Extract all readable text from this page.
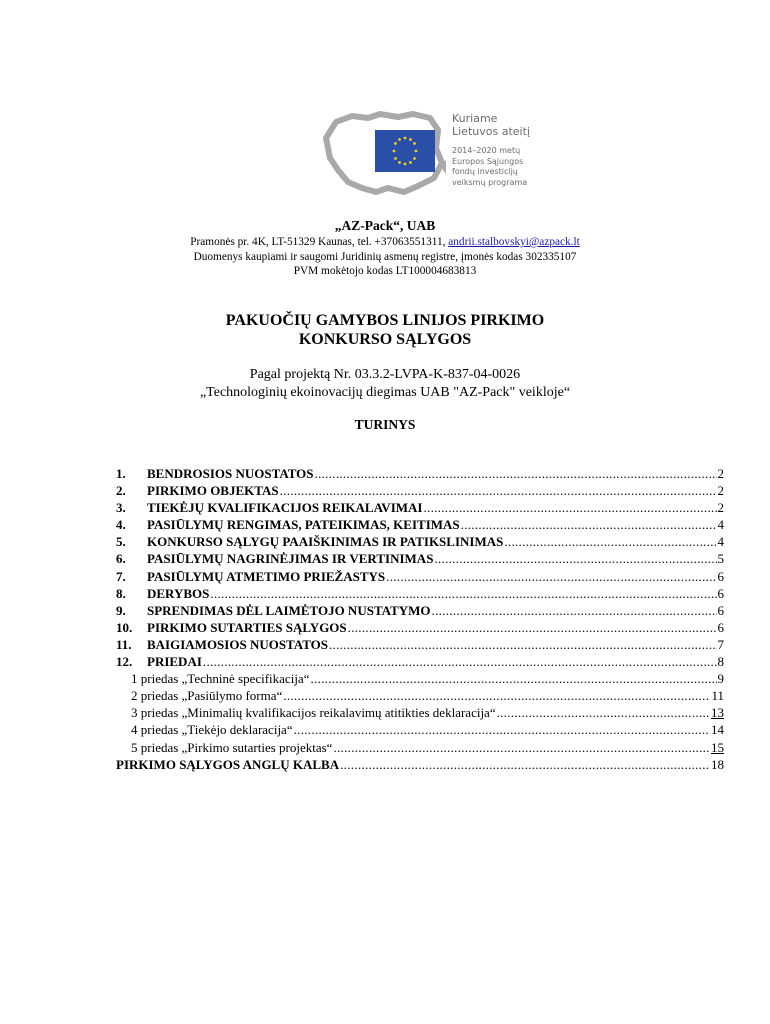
Kuriame
Lietuvos ateitį
2014–2020 metų
Europos Sąjungos
fondų investicijų
veiksmų programa
„AZ-Pack“, UAB
Pramonės pr. 4K, LT-51329 Kaunas, tel. +37063551311, andrii.stalbovskyi@azpack.lt
Duomenys kaupiami ir saugomi Juridinių asmenų registre, įmonės kodas 302335107
PVM mokėtojo kodas LT100004683813
PAKUOČIŲ GAMYBOS LINIJOS PIRKIMO
KONKURSO SĄLYGOS
Pagal projektą Nr. 03.3.2-LVPA-K-837-04-0026
„Technologinių ekoinovacijų diegimas UAB "AZ-Pack" veikloje“
TURINYS
1.	BENDROSIOS NUOSTATOS .....	2
2.	PIRKIMO OBJEKTAS .....	2
3.	TIEKĖJŲ KVALIFIKACIJOS REIKALAVIMAI .....	2
4.	PASIŪLYMŲ RENGIMAS, PATEIKIMAS, KEITIMAS .....	4
5.	KONKURSO SĄLYGŲ PAAIŠKINIMAS IR PATIKSLINIMAS .....	4
6.	PASIŪLYMŲ NAGRINĖJIMAS IR VERTINIMAS .....	5
7.	PASIŪLYMŲ ATMETIMO PRIEŽASTYS .....	6
8.	DERYBOS .....	6
9.	SPRENDIMAS DĖL LAIMĖTOJO NUSTATYMO .....	6
10.	PIRKIMO SUTARTIES SĄLYGOS .....	6
11.	BAIGIAMOSIOS NUOSTATOS .....	7
12.	PRIEDAI .....	8
1 priedas „Techninė specifikacija“ .....	9
2 priedas „Pasiūlymo forma“ .....	11
3 priedas „Minimalių kvalifikacijos reikalavimų atitikties deklaracija“ .....	13
4 priedas „Tiekėjo deklaracija“ .....	14
5 priedas „Pirkimo sutarties projektas“ .....	15
PIRKIMO SĄLYGOS ANGLŲ KALBA .....	18
